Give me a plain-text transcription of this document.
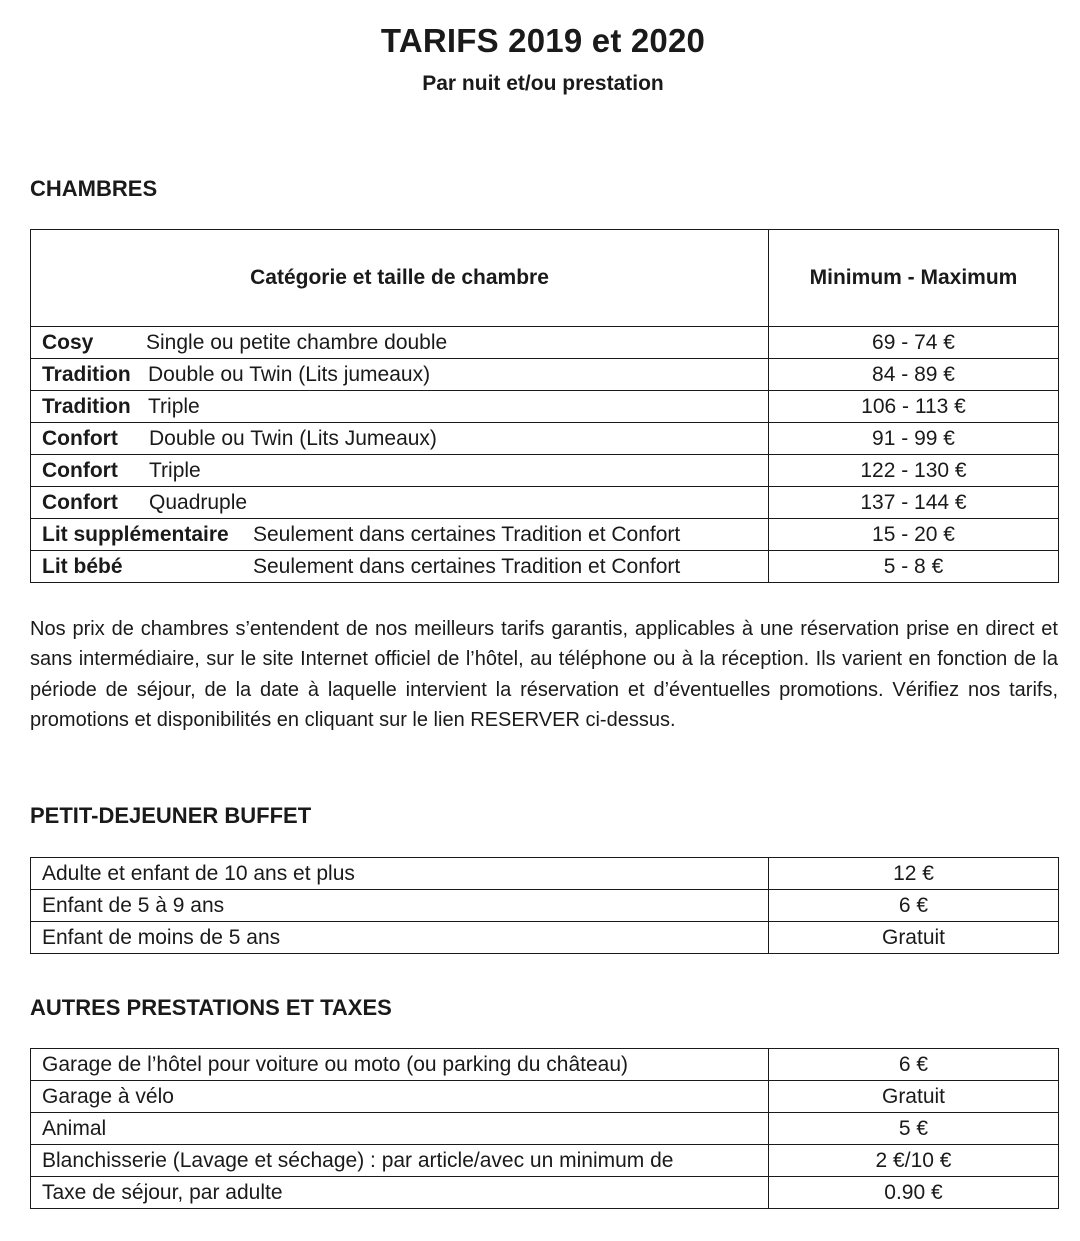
TARIFS 2019 et 2020
Par nuit et/ou prestation
CHAMBRES
Catégorie et taille de chambre	Minimum - Maximum
Cosy Single ou petite chambre double	69 - 74 €
Tradition Double ou Twin (Lits jumeaux)	84 - 89 €
Tradition Triple	106 - 113 €
Confort Double ou Twin (Lits Jumeaux)	91 - 99 €
Confort Triple	122 - 130 €
Confort Quadruple	137 - 144 €
Lit supplémentaire Seulement dans certaines Tradition et Confort	15 - 20 €
Lit bébé Seulement dans certaines Tradition et Confort	5 - 8 €
Nos prix de chambres s’entendent de nos meilleurs tarifs garantis, applicables à une réservation prise en direct et sans intermédiaire, sur le site Internet officiel de l’hôtel, au téléphone ou à la réception. Ils varient en fonction de la période de séjour, de la date à laquelle intervient la réservation et d’éventuelles promotions. Vérifiez nos tarifs, promotions et disponibilités en cliquant sur le lien RESERVER ci-dessus.
PETIT-DEJEUNER BUFFET
Adulte et enfant de 10 ans et plus	12 €
Enfant de 5 à 9 ans	6 €
Enfant de moins de 5 ans	Gratuit
AUTRES PRESTATIONS ET TAXES
Garage de l’hôtel pour voiture ou moto (ou parking du château)	6 €
Garage à vélo	Gratuit
Animal	5 €
Blanchisserie (Lavage et séchage) : par article/avec un minimum de	2 €/10 €
Taxe de séjour, par adulte	0.90 €
